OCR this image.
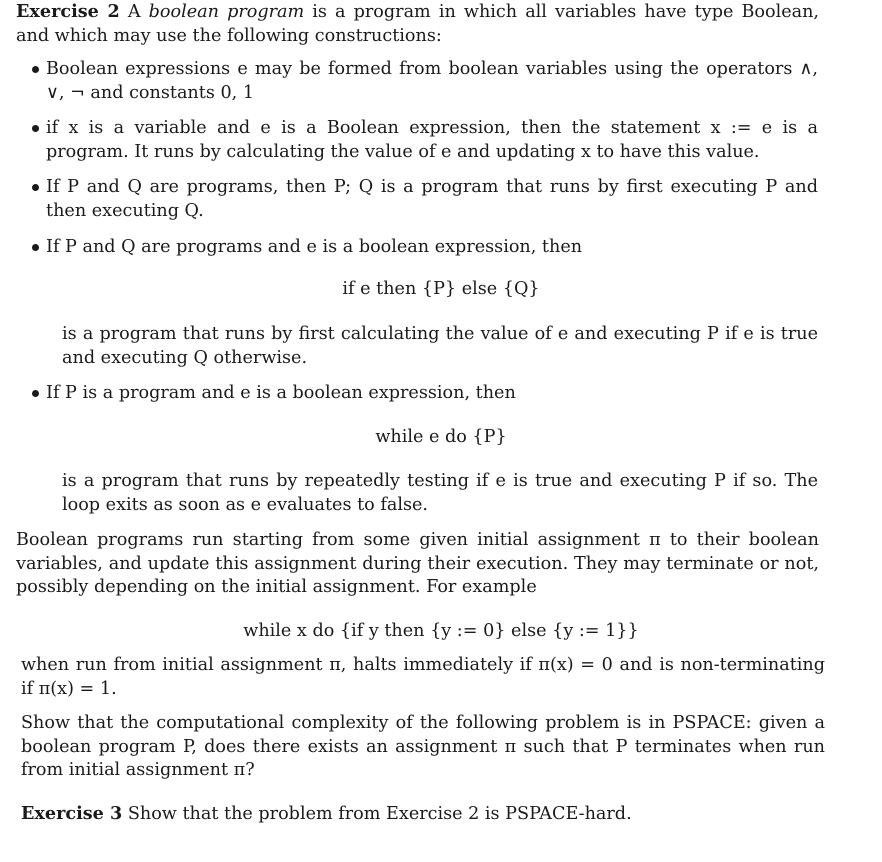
Exercise 2 A boolean program is a program in which all variables have type Boolean, and which may use the following constructions:

Boolean expressions e may be formed from boolean variables using the operators ∧, ∨, ¬ and constants 0, 1

if x is a variable and e is a Boolean expression, then the statement x := e is a program. It runs by calculating the value of e and updating x to have this value.

If P and Q are programs, then P; Q is a program that runs by first executing P and then executing Q.

If P and Q are programs and e is a boolean expression, then

if e then {P} else {Q}

is a program that runs by first calculating the value of e and executing P if e is true and executing Q otherwise.

If P is a program and e is a boolean expression, then

while e do {P}

is a program that runs by repeatedly testing if e is true and executing P if so. The loop exits as soon as e evaluates to false.

Boolean programs run starting from some given initial assignment π to their boolean variables, and update this assignment during their execution. They may terminate or not, possibly depending on the initial assignment. For example

while x do {if y then {y := 0} else {y := 1}}

when run from initial assignment π, halts immediately if π(x) = 0 and is non-terminating if π(x) = 1.

Show that the computational complexity of the following problem is in PSPACE: given a boolean program P, does there exists an assignment π such that P terminates when run from initial assignment π?

Exercise 3 Show that the problem from Exercise 2 is PSPACE-hard.
